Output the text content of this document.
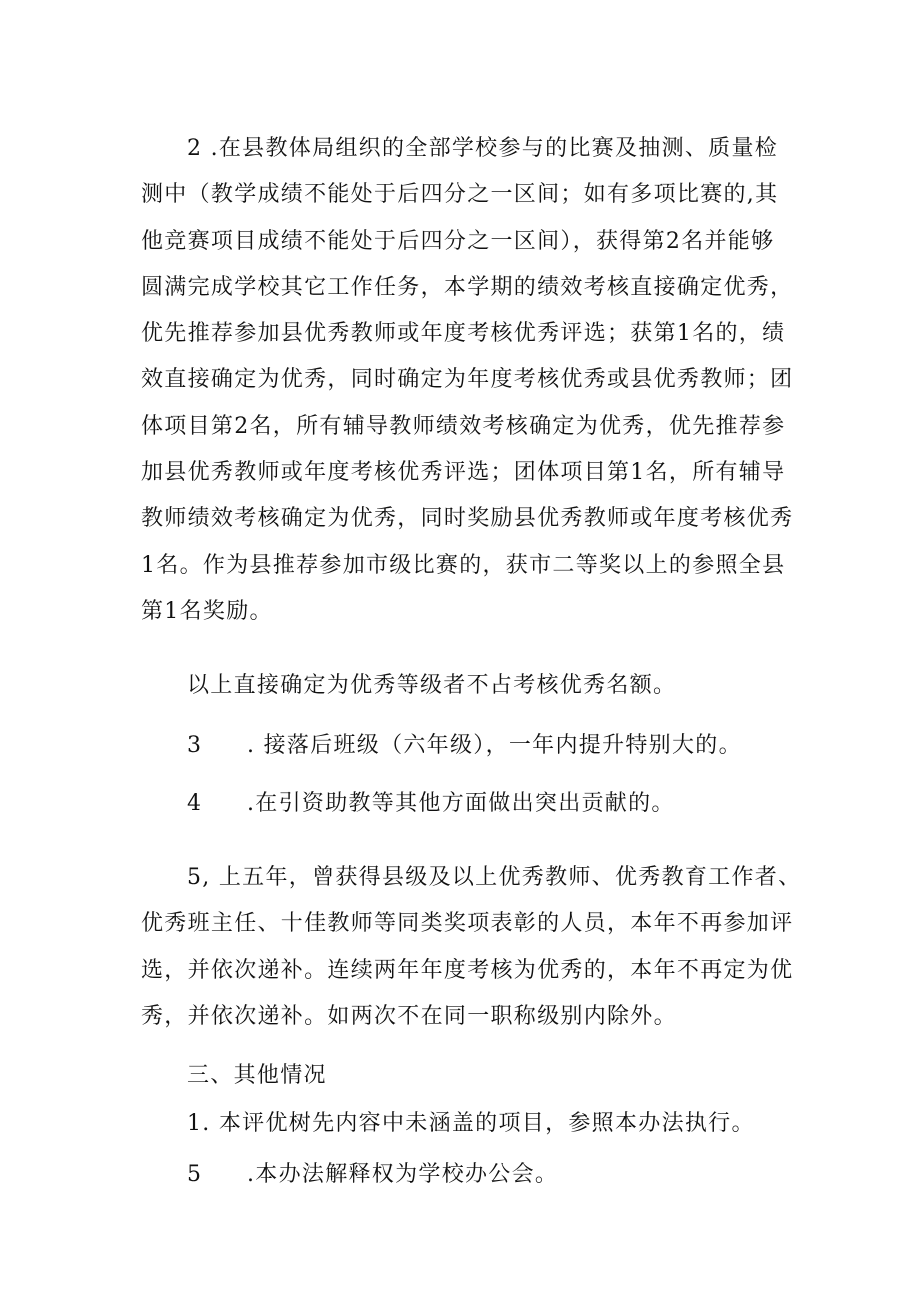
2 .在县教体局组织的全部学校参与的比赛及抽测、质量检
测中（教学成绩不能处于后四分之一区间；如有多项比赛的,其
他竞赛项目成绩不能处于后四分之一区间），获得第2名并能够
圆满完成学校其它工作任务，本学期的绩效考核直接确定优秀，
优先推荐参加县优秀教师或年度考核优秀评选；获第1名的，绩
效直接确定为优秀，同时确定为年度考核优秀或县优秀教师；团
体项目第2名，所有辅导教师绩效考核确定为优秀，优先推荐参
加县优秀教师或年度考核优秀评选；团体项目第1名，所有辅导
教师绩效考核确定为优秀，同时奖励县优秀教师或年度考核优秀
1名。作为县推荐参加市级比赛的，获市二等奖以上的参照全县
第1名奖励。
以上直接确定为优秀等级者不占考核优秀名额。
3 . 接落后班级（六年级），一年内提升特别大的。
4 .在引资助教等其他方面做出突出贡献的。
5, 上五年，曾获得县级及以上优秀教师、优秀教育工作者、
优秀班主任、十佳教师等同类奖项表彰的人员，本年不再参加评
选，并依次递补。连续两年年度考核为优秀的，本年不再定为优
秀，并依次递补。如两次不在同一职称级别内除外。
三、其他情况
1. 本评优树先内容中未涵盖的项目，参照本办法执行。
5 .本办法解释权为学校办公会。
